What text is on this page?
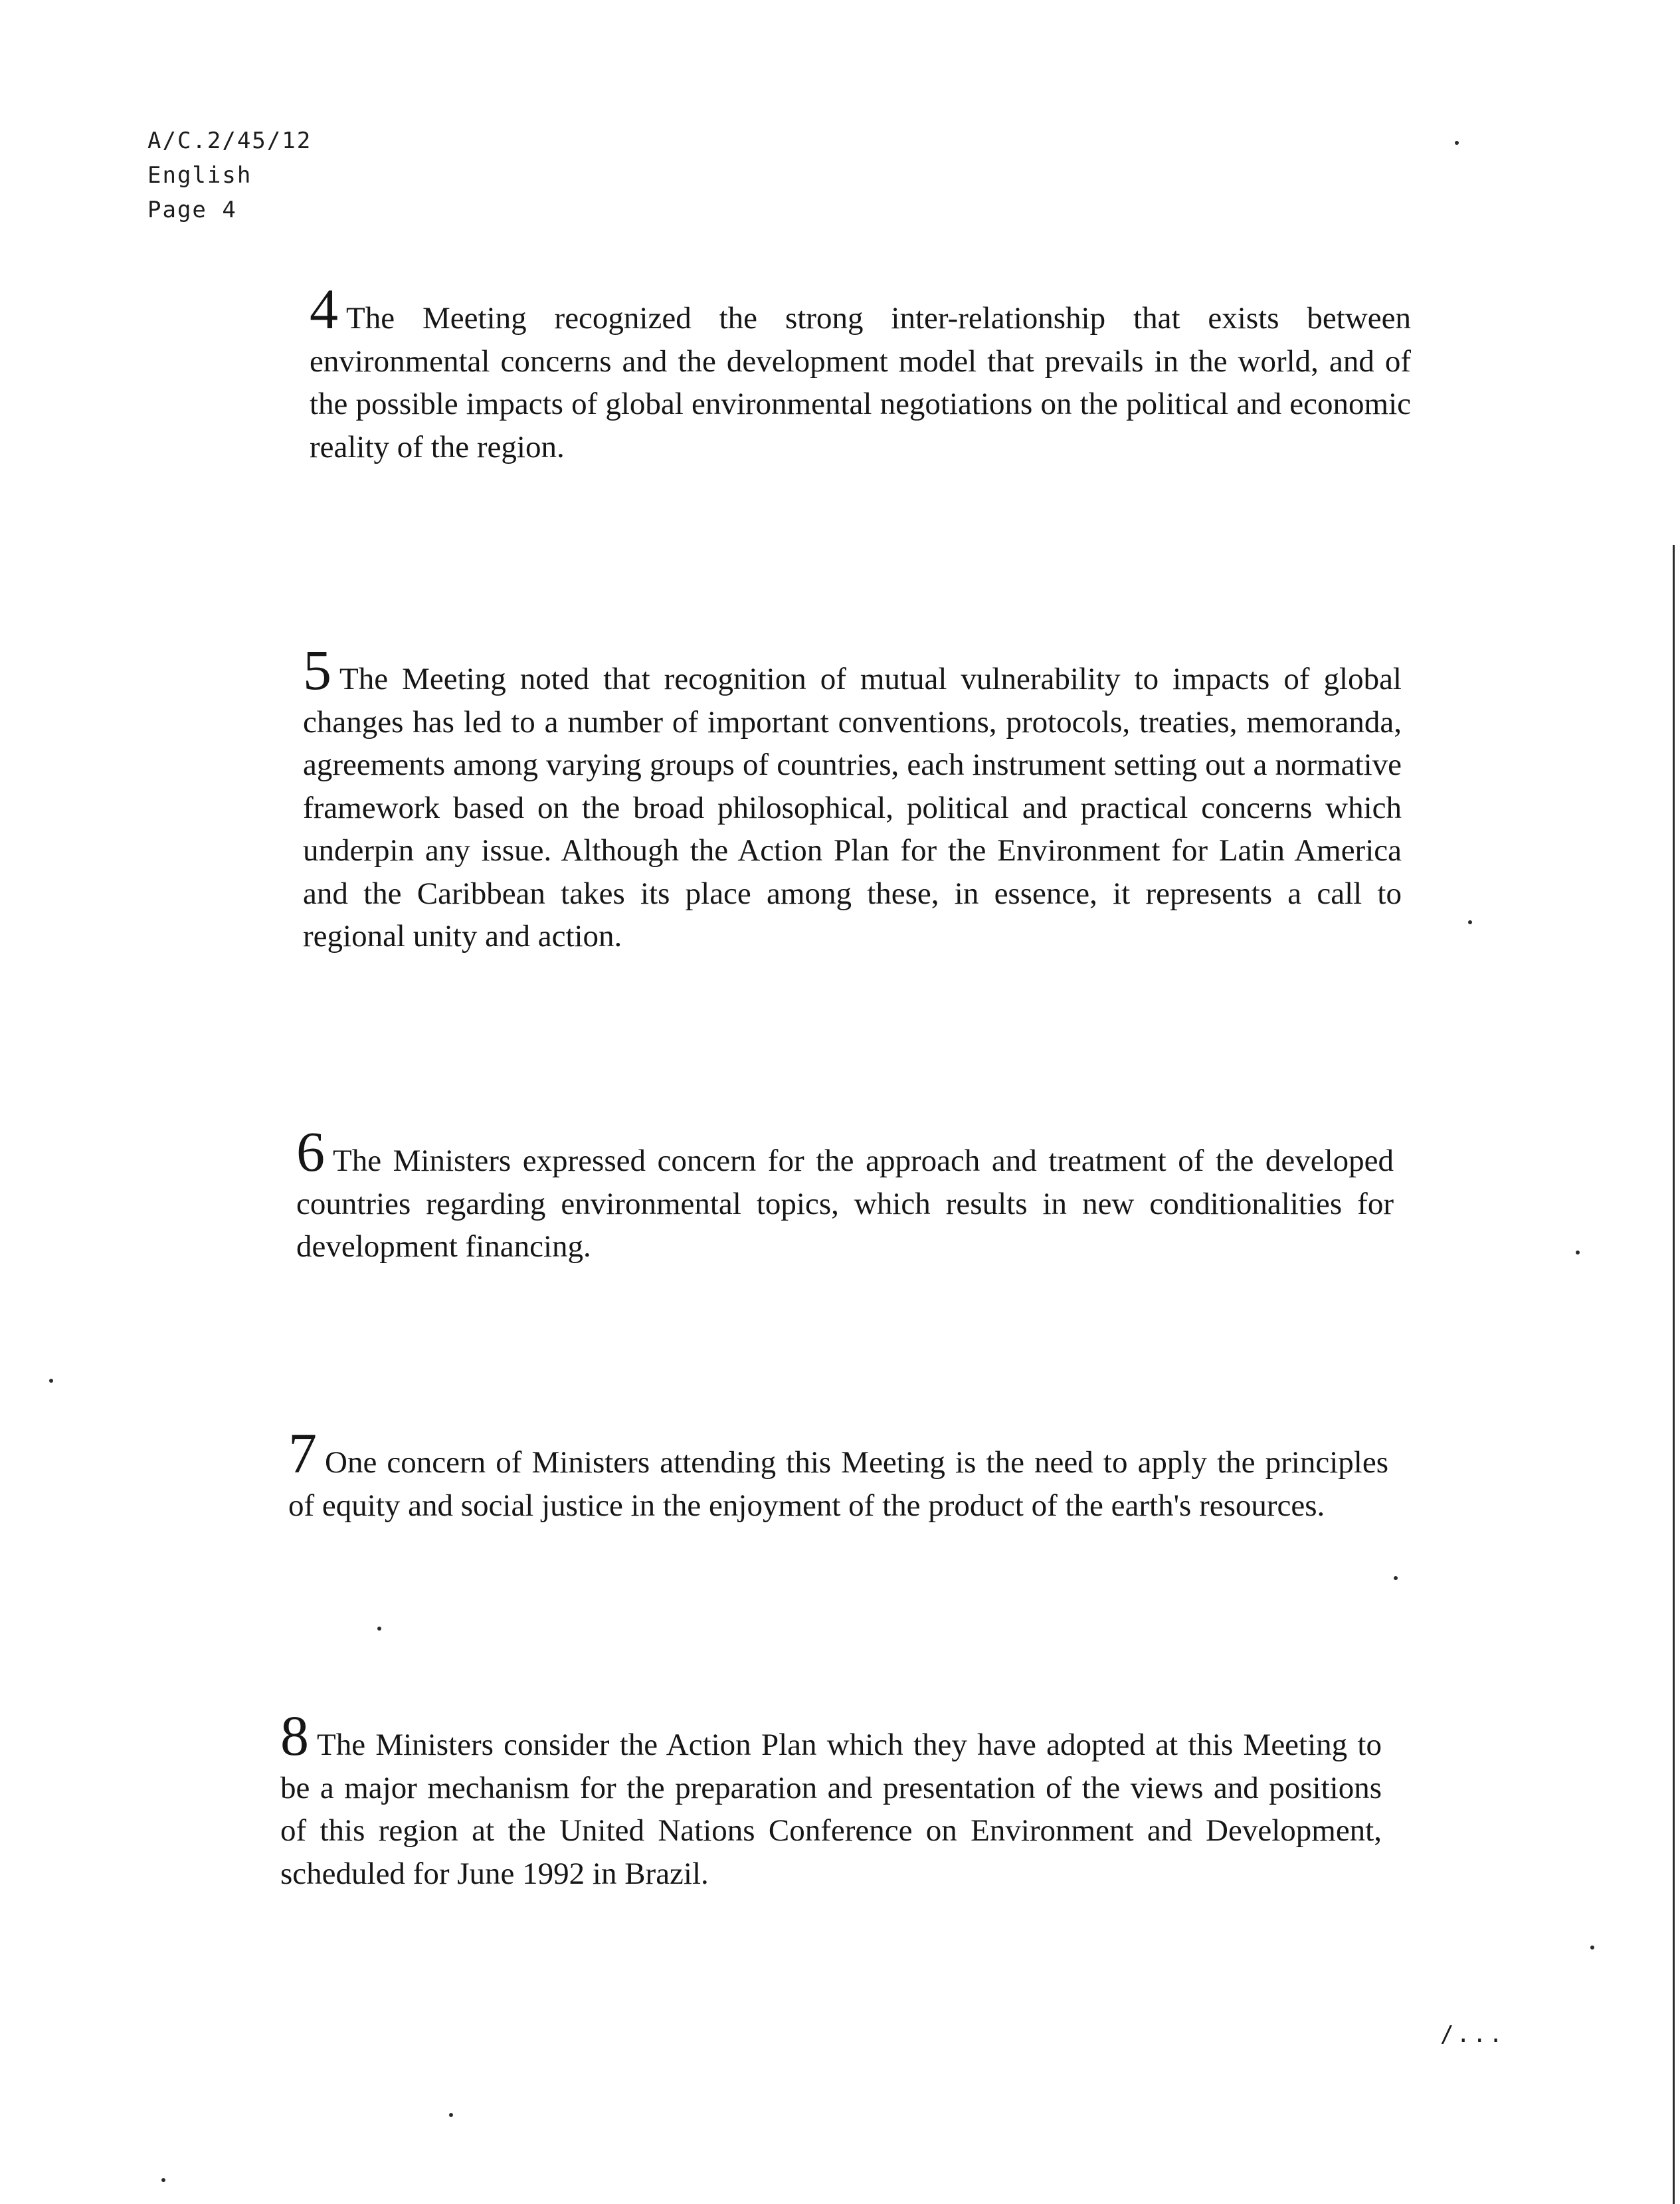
A/C.2/45/12
English
Page 4
4 The Meeting recognized the strong inter-relationship that exists between environmental concerns and the development model that prevails in the world, and of the possible impacts of global environmental negotiations on the political and economic reality of the region.
5 The Meeting noted that recognition of mutual vulnerability to impacts of global changes has led to a number of important conventions, protocols, treaties, memoranda, agreements among varying groups of countries, each instrument setting out a normative framework based on the broad philosophical, political and practical concerns which underpin any issue. Although the Action Plan for the Environment for Latin America and the Caribbean takes its place among these, in essence, it represents a call to regional unity and action.
6 The Ministers expressed concern for the approach and treatment of the developed countries regarding environmental topics, which results in new conditionalities for development financing.
7 One concern of Ministers attending this Meeting is the need to apply the principles of equity and social justice in the enjoyment of the product of the earth's resources.
8 The Ministers consider the Action Plan which they have adopted at this Meeting to be a major mechanism for the preparation and presentation of the views and positions of this region at the United Nations Conference on Environment and Development, scheduled for June 1992 in Brazil.
/...
